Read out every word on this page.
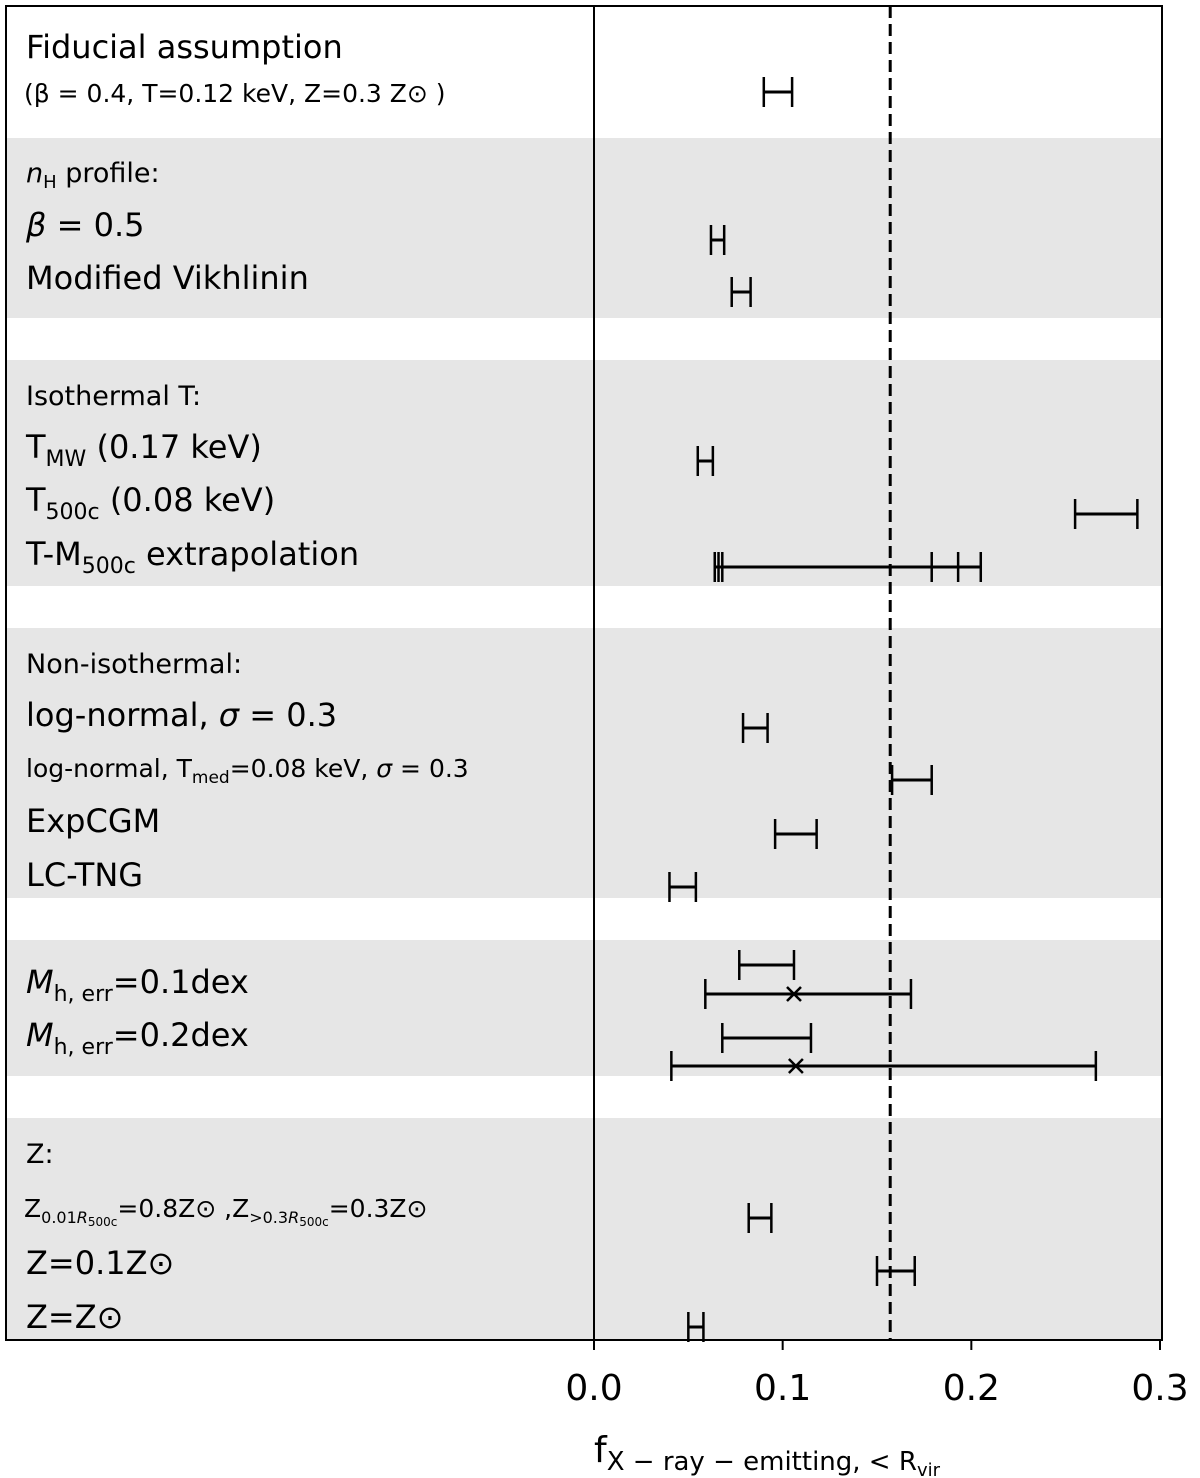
Fiducial assumption
(β = 0.4, T=0.12 keV, Z=0.3 Z⊙ )
$n_H$ profile:
β = 0.5
Modified Vikhlinin
Isothermal T:
$T_{MW}$ (0.17 keV)
$T_{500c}$ (0.08 keV)
$T-M_{500c}$ extrapolation
Non-isothermal:
log-normal, σ = 0.3
log-normal, $T_{med}=0.08$ keV, σ = 0.3
ExpCGM
LC-TNG
$M_{h, err}=0.1dex$
$M_{h, err}=0.2dex$
Z:
$Z_{0.01}R500c=0.8Z⊙$ $,Z_{>0.3}R500c=0.3Z⊙$
Z=0.1Z⊙
Z=Z⊙
0.0	0.1	0.2	0.3
$f_{X - ray - emitting, < R}vir$
